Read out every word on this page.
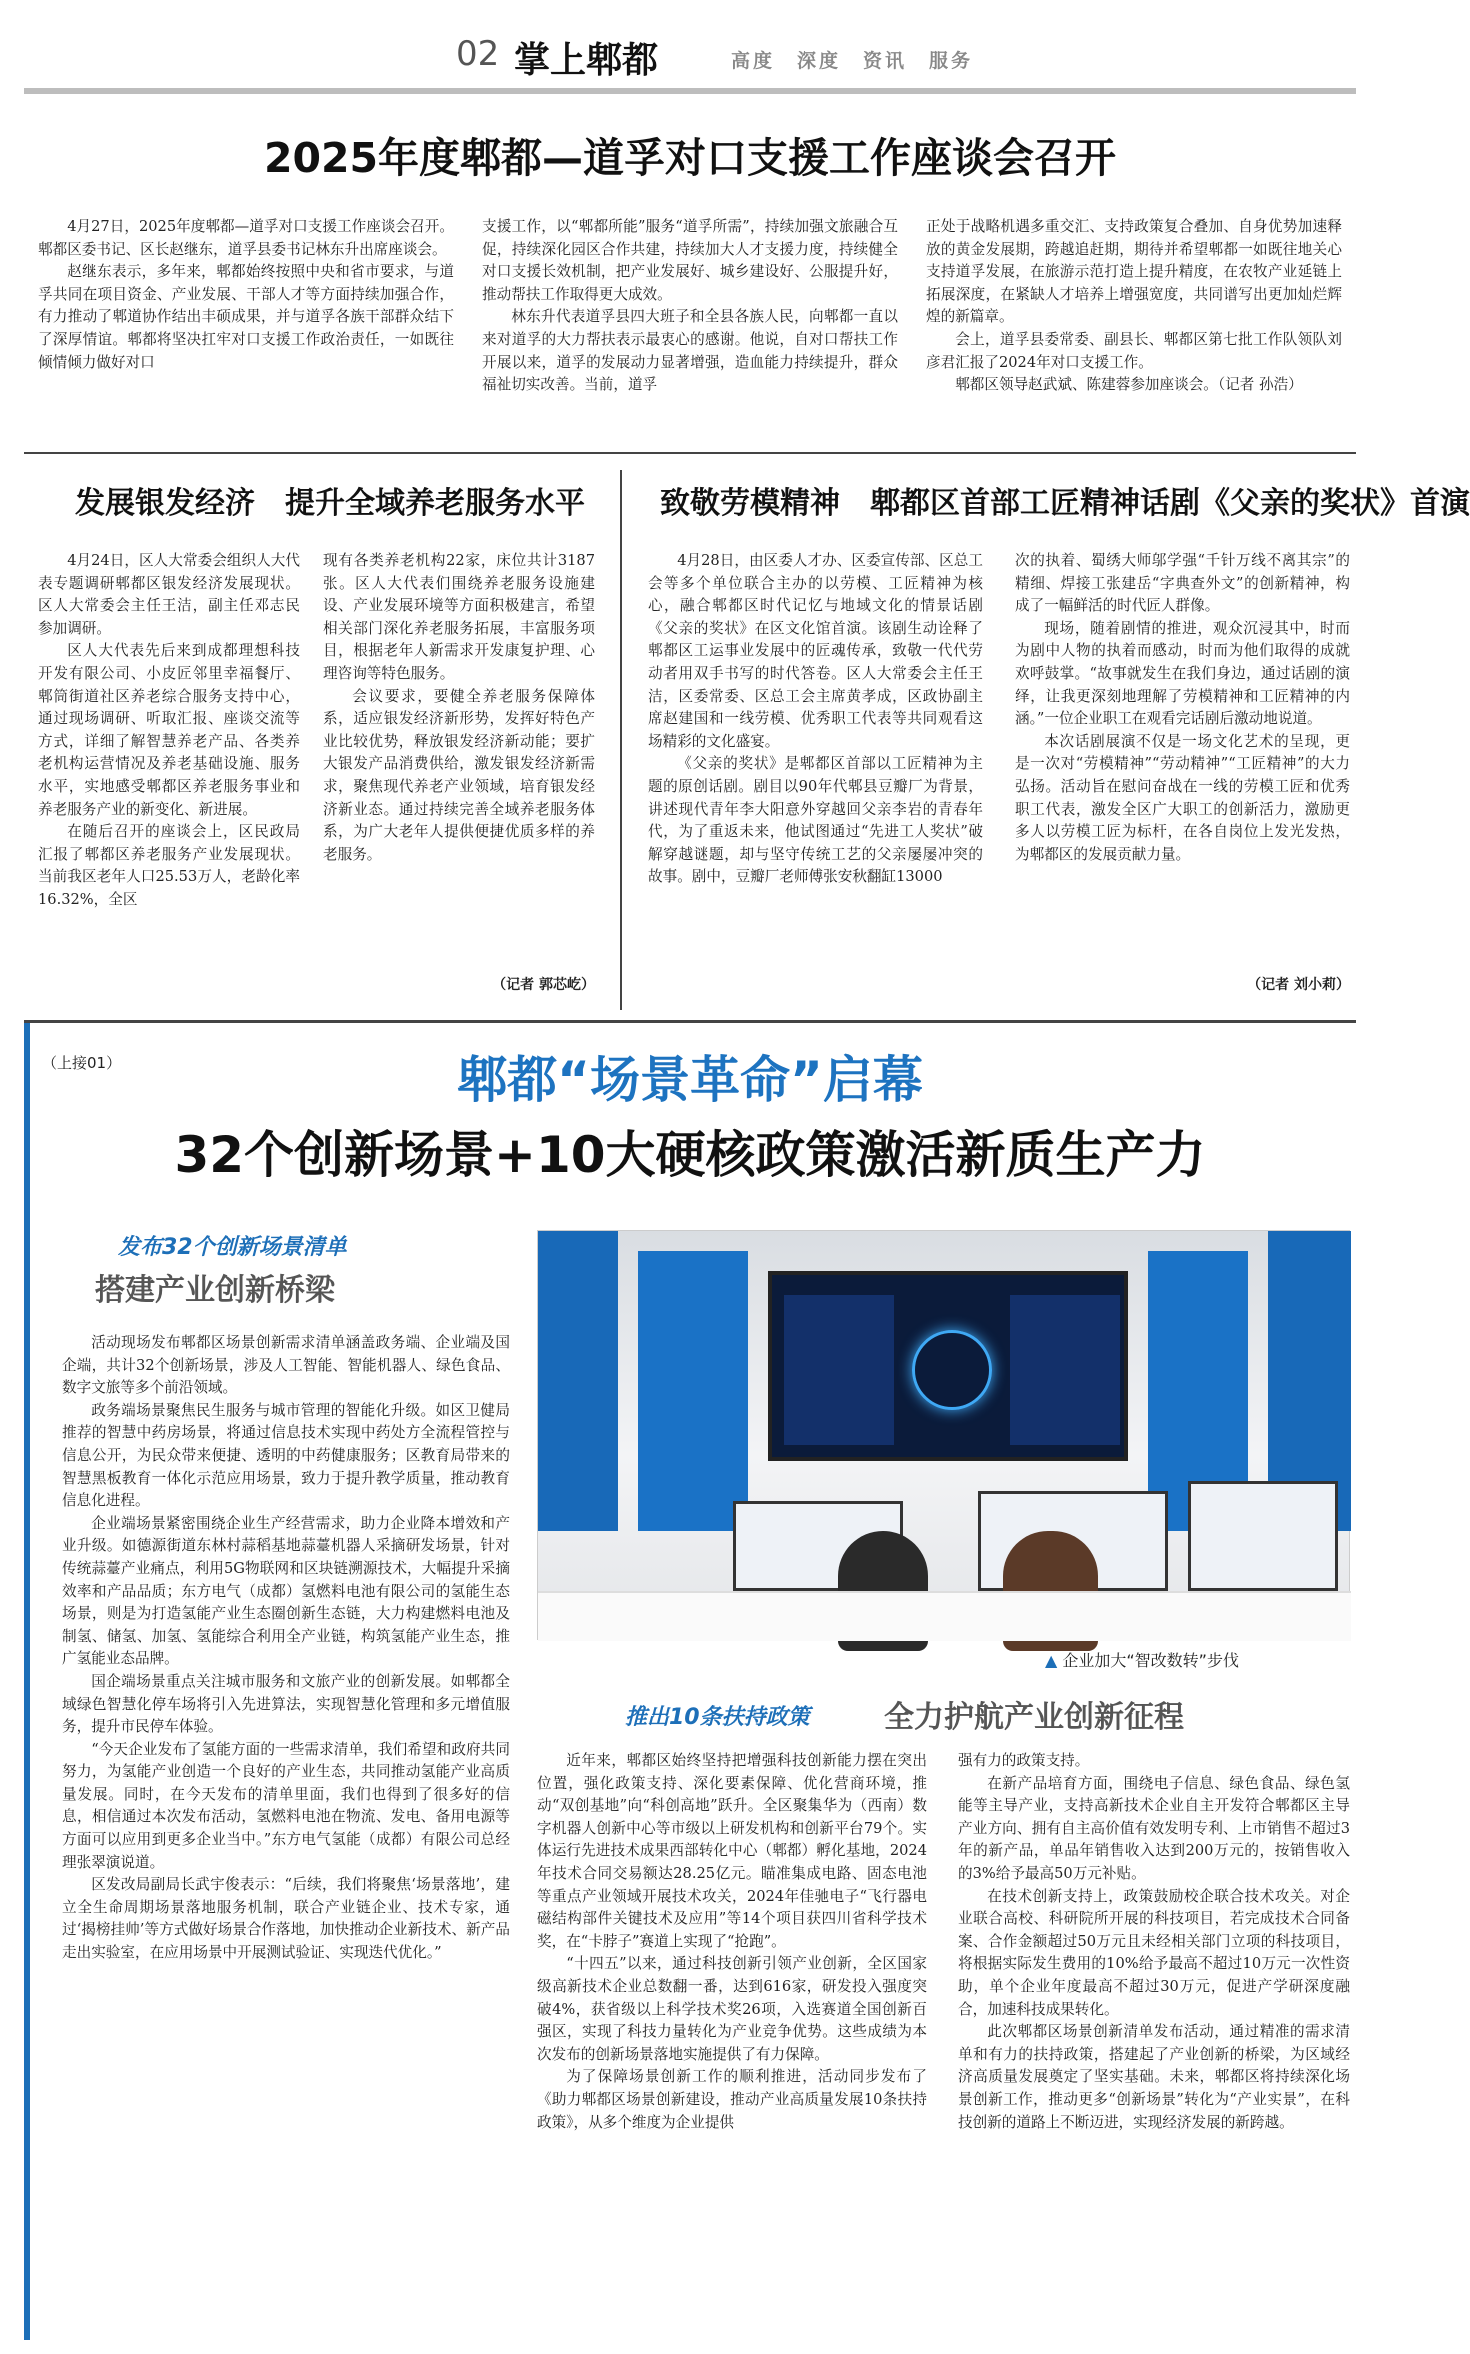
02 掌上郫都	高度　深度　资讯　服务
2025年度郫都—道孚对口支援工作座谈会召开

4月27日，2025年度郫都—道孚对口支援工作座谈会召开。郫都区委书记、区长赵继东，道孚县委书记林东升出席座谈会。

赵继东表示，多年来，郫都始终按照中央和省市要求，与道孚共同在项目资金、产业发展、干部人才等方面持续加强合作，有力推动了郫道协作结出丰硕成果，并与道孚各族干部群众结下了深厚情谊。郫都将坚决扛牢对口支援工作政治责任，一如既往倾情倾力做好对口

支援工作，以“郫都所能”服务“道孚所需”，持续加强文旅融合互促，持续深化园区合作共建，持续加大人才支援力度，持续健全对口支援长效机制，把产业发展好、城乡建设好、公服提升好，推动帮扶工作取得更大成效。

林东升代表道孚县四大班子和全县各族人民，向郫都一直以来对道孚的大力帮扶表示最衷心的感谢。他说，自对口帮扶工作开展以来，道孚的发展动力显著增强，造血能力持续提升，群众福祉切实改善。当前，道孚

正处于战略机遇多重交汇、支持政策复合叠加、自身优势加速释放的黄金发展期，跨越追赶期，期待并希望郫都一如既往地关心支持道孚发展，在旅游示范打造上提升精度，在农牧产业延链上拓展深度，在紧缺人才培养上增强宽度，共同谱写出更加灿烂辉煌的新篇章。

会上，道孚县委常委、副县长、郫都区第七批工作队领队刘彦君汇报了2024年对口支援工作。

郫都区领导赵武斌、陈建蓉参加座谈会。（记者 孙浩）

发展银发经济　提升全域养老服务水平

4月24日，区人大常委会组织人大代表专题调研郫都区银发经济发展现状。区人大常委会主任王洁，副主任邓志民参加调研。

区人大代表先后来到成都理想科技开发有限公司、小皮匠邻里幸福餐厅、郫筒街道社区养老综合服务支持中心，通过现场调研、听取汇报、座谈交流等方式，详细了解智慧养老产品、各类养老机构运营情况及养老基础设施、服务水平，实地感受郫都区养老服务事业和养老服务产业的新变化、新进展。

在随后召开的座谈会上，区民政局汇报了郫都区养老服务产业发展现状。当前我区老年人口25.53万人，老龄化率16.32%，全区

现有各类养老机构22家，床位共计3187张。区人大代表们围绕养老服务设施建设、产业发展环境等方面积极建言，希望相关部门深化养老服务拓展，丰富服务项目，根据老年人新需求开发康复护理、心理咨询等特色服务。

会议要求，要健全养老服务保障体系，适应银发经济新形势，发挥好特色产业比较优势，释放银发经济新动能；要扩大银发产品消费供给，激发银发经济新需求，聚焦现代养老产业领域，培育银发经济新业态。通过持续完善全域养老服务体系，为广大老年人提供便捷优质多样的养老服务。

（记者 郭芯屹）
致敬劳模精神　郫都区首部工匠精神话剧《父亲的奖状》首演

4月28日，由区委人才办、区委宣传部、区总工会等多个单位联合主办的以劳模、工匠精神为核心，融合郫都区时代记忆与地域文化的情景话剧《父亲的奖状》在区文化馆首演。该剧生动诠释了郫都区工运事业发展中的匠魂传承，致敬一代代劳动者用双手书写的时代答卷。区人大常委会主任王洁，区委常委、区总工会主席黄孝成，区政协副主席赵建国和一线劳模、优秀职工代表等共同观看这场精彩的文化盛宴。

《父亲的奖状》是郫都区首部以工匠精神为主题的原创话剧。剧目以90年代郫县豆瓣厂为背景，讲述现代青年李大阳意外穿越回父亲李岩的青春年代，为了重返未来，他试图通过“先进工人奖状”破解穿越谜题，却与坚守传统工艺的父亲屡屡冲突的故事。剧中，豆瓣厂老师傅张安秋翻缸13000

次的执着、蜀绣大师邬学强“千针万线不离其宗”的精细、焊接工张建岳“字典查外文”的创新精神，构成了一幅鲜活的时代匠人群像。

现场，随着剧情的推进，观众沉浸其中，时而为剧中人物的执着而感动，时而为他们取得的成就欢呼鼓掌。“故事就发生在我们身边，通过话剧的演绎，让我更深刻地理解了劳模精神和工匠精神的内涵。”一位企业职工在观看完话剧后激动地说道。

本次话剧展演不仅是一场文化艺术的呈现，更是一次对“劳模精神”“劳动精神”“工匠精神”的大力弘扬。活动旨在慰问奋战在一线的劳模工匠和优秀职工代表，激发全区广大职工的创新活力，激励更多人以劳模工匠为标杆，在各自岗位上发光发热，为郫都区的发展贡献力量。

（记者 刘小莉）
（上接01）	郫都“场景革命”启幕
32个创新场景+10大硬核政策激活新质生产力
发布32个创新场景清单
搭建产业创新桥梁
▲ 企业加大“智改数转”步伐

活动现场发布郫都区场景创新需求清单涵盖政务端、企业端及国企端，共计32个创新场景，涉及人工智能、智能机器人、绿色食品、数字文旅等多个前沿领域。

政务端场景聚焦民生服务与城市管理的智能化升级。如区卫健局推荐的智慧中药房场景，将通过信息技术实现中药处方全流程管控与信息公开，为民众带来便捷、透明的中药健康服务；区教育局带来的智慧黑板教育一体化示范应用场景，致力于提升教学质量，推动教育信息化进程。

企业端场景紧密围绕企业生产经营需求，助力企业降本增效和产业升级。如德源街道东林村蒜稻基地蒜薹机器人采摘研发场景，针对传统蒜薹产业痛点，利用5G物联网和区块链溯源技术，大幅提升采摘效率和产品品质；东方电气（成都）氢燃料电池有限公司的氢能生态场景，则是为打造氢能产业生态圈创新生态链，大力构建燃料电池及制氢、储氢、加氢、氢能综合利用全产业链，构筑氢能产业生态，推广氢能业态品牌。

国企端场景重点关注城市服务和文旅产业的创新发展。如郫都全域绿色智慧化停车场将引入先进算法，实现智慧化管理和多元增值服务，提升市民停车体验。

“今天企业发布了氢能方面的一些需求清单，我们希望和政府共同努力，为氢能产业创造一个良好的产业生态，共同推动氢能产业高质量发展。同时，在今天发布的清单里面，我们也得到了很多好的信息，相信通过本次发布活动，氢燃料电池在物流、发电、备用电源等方面可以应用到更多企业当中。”东方电气氢能（成都）有限公司总经理张翠演说道。

区发改局副局长武宇俊表示：“后续，我们将聚焦‘场景落地’，建立全生命周期场景落地服务机制，联合产业链企业、技术专家，通过‘揭榜挂帅’等方式做好场景合作落地，加快推动企业新技术、新产品走出实验室，在应用场景中开展测试验证、实现迭代优化。”

推出10条扶持政策 全力护航产业创新征程

近年来，郫都区始终坚持把增强科技创新能力摆在突出位置，强化政策支持、深化要素保障、优化营商环境，推动“双创基地”向“科创高地”跃升。全区聚集华为（西南）数字机器人创新中心等市级以上研发机构和创新平台79个。实体运行先进技术成果西部转化中心（郫都）孵化基地，2024年技术合同交易额达28.25亿元。瞄准集成电路、固态电池等重点产业领域开展技术攻关，2024年佳驰电子“飞行器电磁结构部件关键技术及应用”等14个项目获四川省科学技术奖，在“卡脖子”赛道上实现了“抢跑”。

“十四五”以来，通过科技创新引领产业创新，全区国家级高新技术企业总数翻一番，达到616家，研发投入强度突破4%，获省级以上科学技术奖26项，入选赛道全国创新百强区，实现了科技力量转化为产业竞争优势。这些成绩为本次发布的创新场景落地实施提供了有力保障。

为了保障场景创新工作的顺利推进，活动同步发布了《助力郫都区场景创新建设，推动产业高质量发展10条扶持政策》，从多个维度为企业提供

强有力的政策支持。

在新产品培育方面，围绕电子信息、绿色食品、绿色氢能等主导产业，支持高新技术企业自主开发符合郫都区主导产业方向、拥有自主高价值有效发明专利、上市销售不超过3年的新产品，单品年销售收入达到200万元的，按销售收入的3%给予最高50万元补贴。

在技术创新支持上，政策鼓励校企联合技术攻关。对企业联合高校、科研院所开展的科技项目，若完成技术合同备案、合作金额超过50万元且未经相关部门立项的科技项目，将根据实际发生费用的10%给予最高不超过10万元一次性资助，单个企业年度最高不超过30万元，促进产学研深度融合，加速科技成果转化。

此次郫都区场景创新清单发布活动，通过精准的需求清单和有力的扶持政策，搭建起了产业创新的桥梁，为区域经济高质量发展奠定了坚实基础。未来，郫都区将持续深化场景创新工作，推动更多“创新场景”转化为“产业实景”，在科技创新的道路上不断迈进，实现经济发展的新跨越。
